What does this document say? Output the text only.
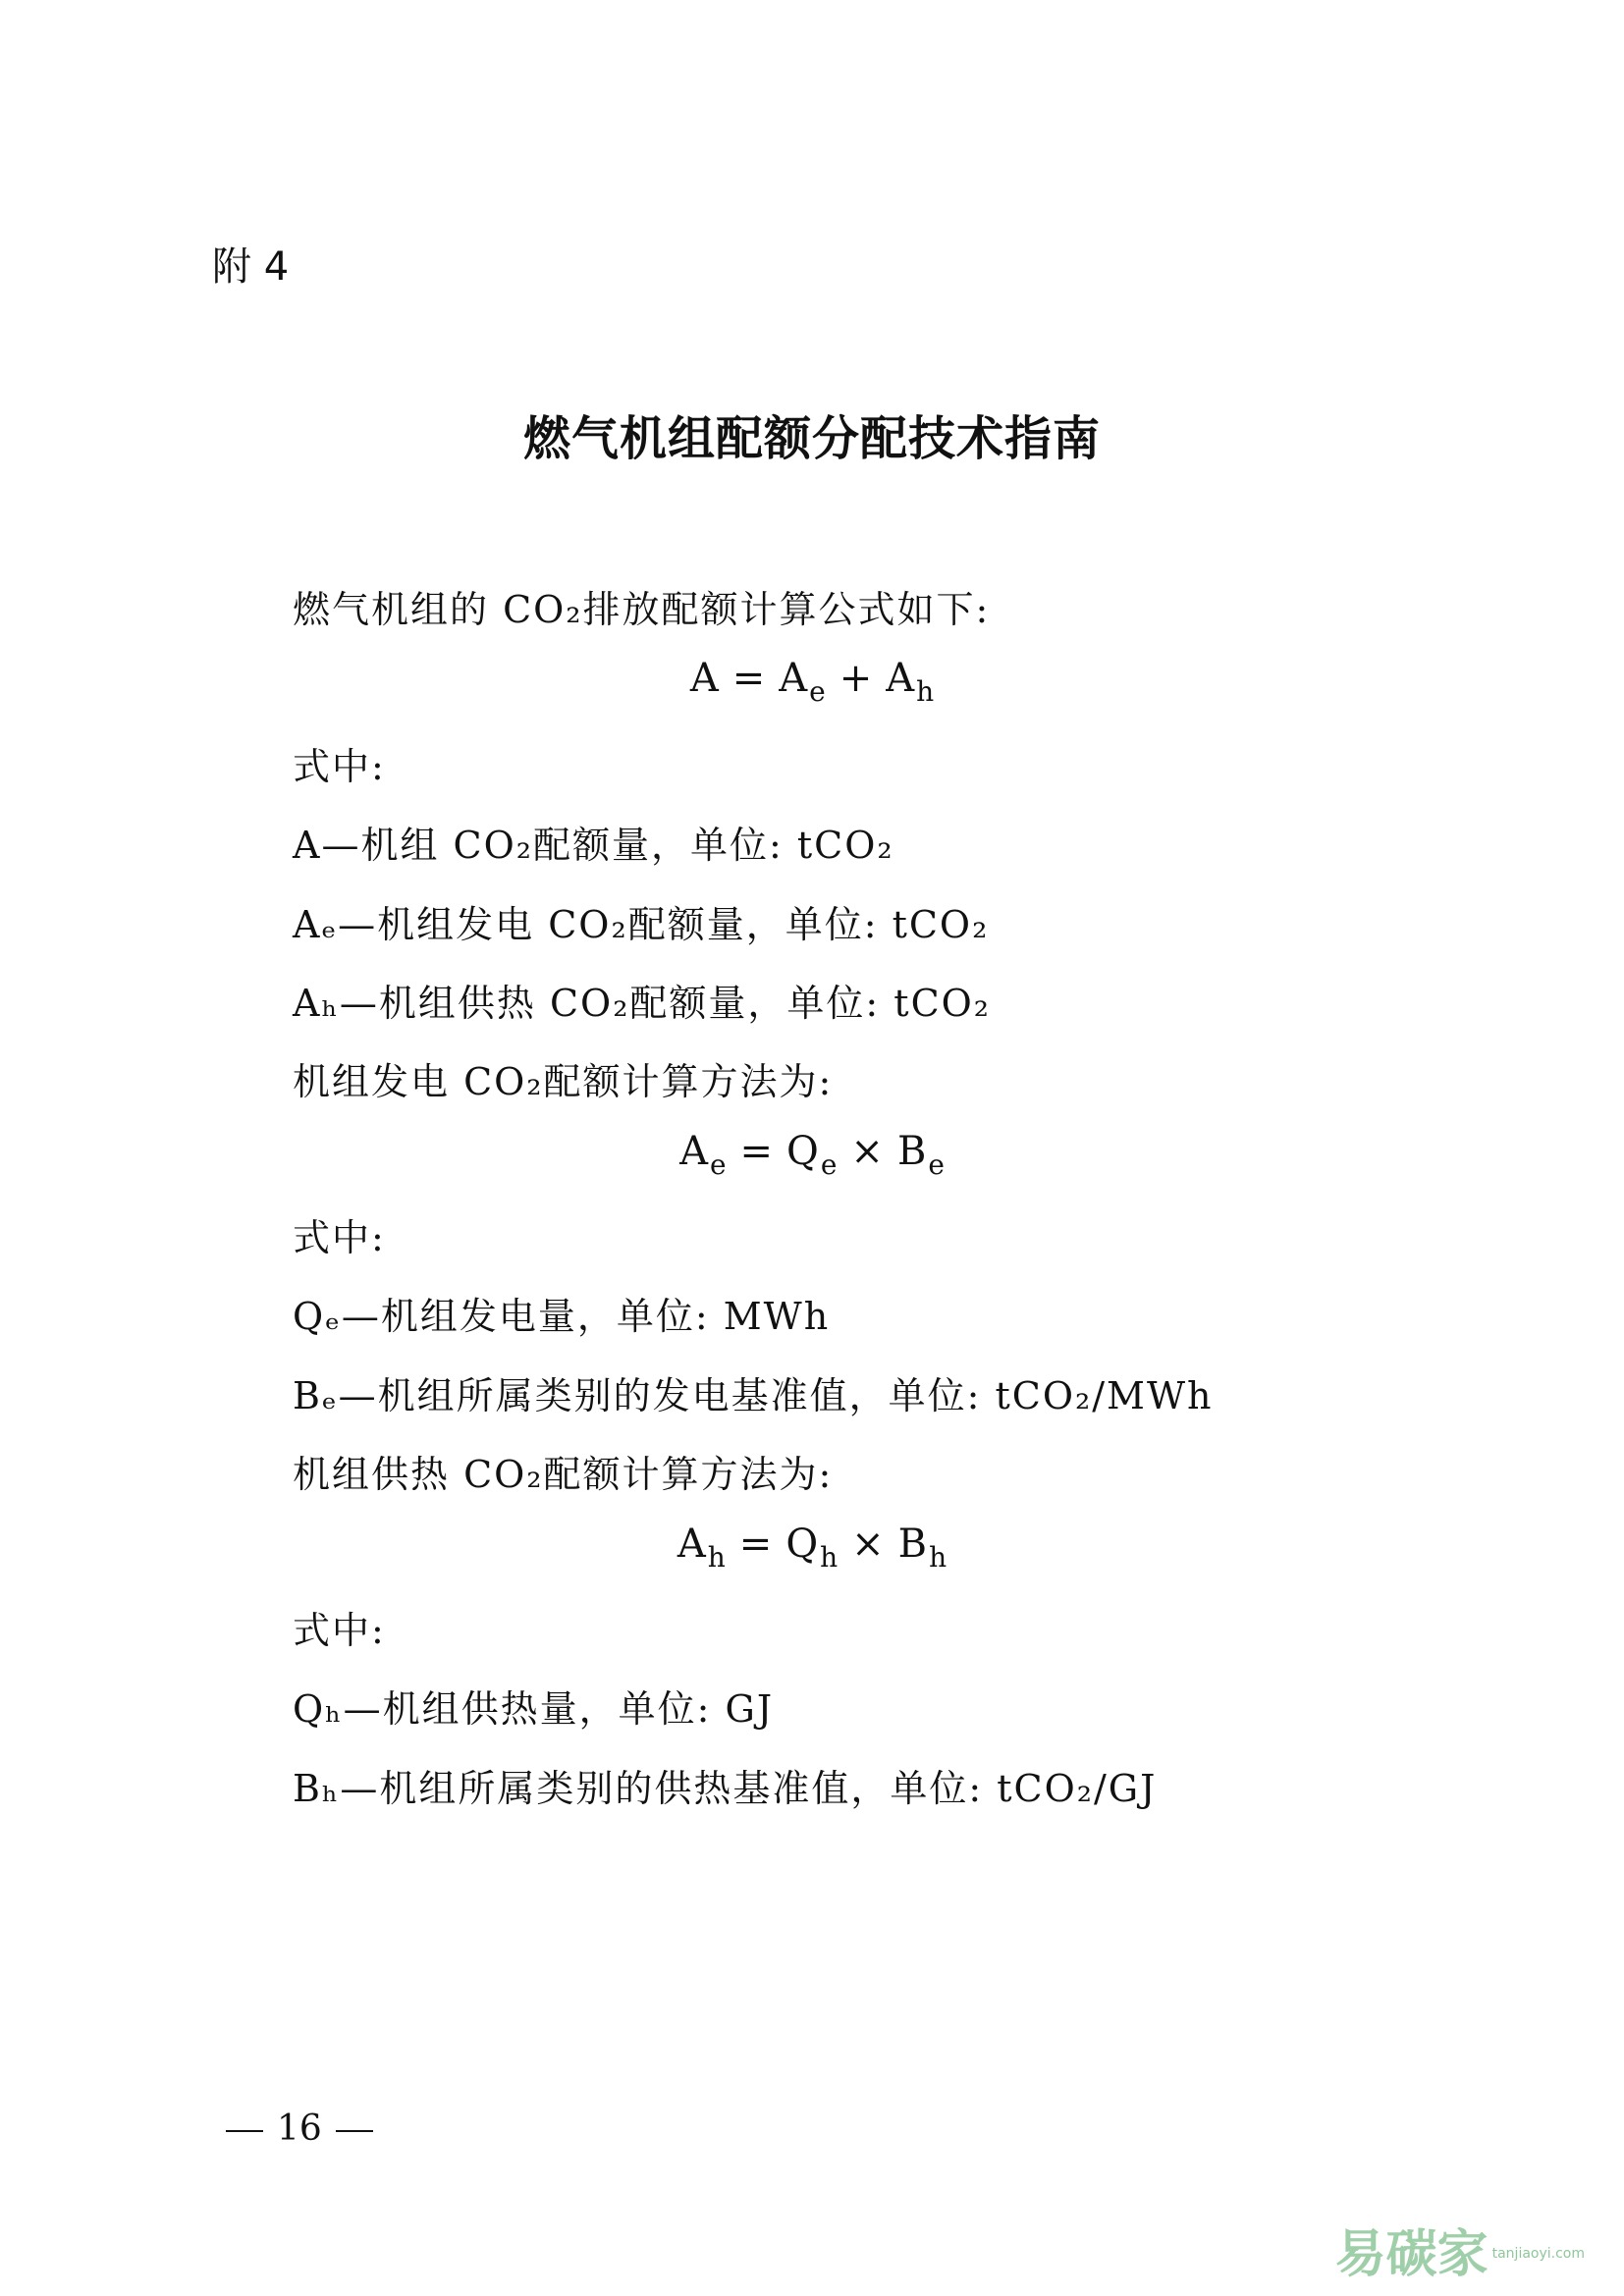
附 4
燃气机组配额分配技术指南
燃气机组的 CO₂排放配额计算公式如下:
$A = A_e + A_h$
式中:
A—机组 CO₂配额量，单位: tCO₂
Aₑ—机组发电 CO₂配额量，单位: tCO₂
Aₕ—机组供热 CO₂配额量，单位: tCO₂
机组发电 CO₂配额计算方法为:
$A_e = Q_e \times B_e$
式中:
Qₑ—机组发电量，单位: MWh
Bₑ—机组所属类别的发电基准值，单位: tCO₂/MWh
机组供热 CO₂配额计算方法为:
$A_h = Q_h \times B_h$
式中:
Qₕ—机组供热量，单位: GJ
Bₕ—机组所属类别的供热基准值，单位: tCO₂/GJ
16
易碳家 tanjiaoyi.com
